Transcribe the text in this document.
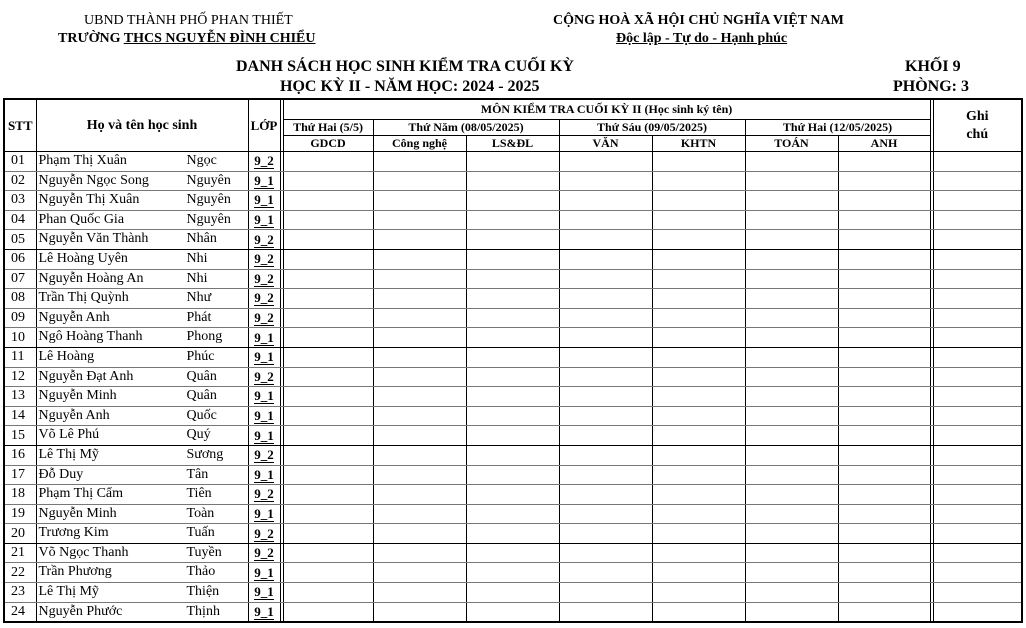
UBND THÀNH PHỐ PHAN THIẾT
TRƯỜNG THCS NGUYỄN ĐÌNH CHIỂU
CỘNG HOÀ XÃ HỘI CHỦ NGHĨA VIỆT NAM
Độc lập - Tự do - Hạnh phúc
DANH SÁCH HỌC SINH KIỂM TRA CUỐI KỲ
HỌC KỲ II - NĂM HỌC: 2024 - 2025
KHỐI 9
PHÒNG: 3
STT	Họ và tên học sinh	LỚP		MÔN KIỂM TRA CUỐI KỲ II (Học sinh ký tên)								Ghi chú
				Thứ Hai (5/5)	Thứ Năm (08/05/2025)		Thứ Sáu (09/05/2025)		Thứ Hai (12/05/2025)			
				GDCD	Công nghệ	LS&ĐL	VĂN	KHTN	TOÁN	ANH		
01	Phạm Thị Xuân Ngọc	9_2										
02	Nguyễn Ngọc Song Nguyên	9_1										
03	Nguyễn Thị Xuân Nguyên	9_1										
04	Phan Quốc Gia Nguyên	9_1										
05	Nguyễn Văn Thành Nhân	9_2										
06	Lê Hoàng Uyên Nhi	9_2										
07	Nguyễn Hoàng An Nhi	9_2										
08	Trần Thị Quỳnh Như	9_2										
09	Nguyễn Anh Phát	9_2										
10	Ngô Hoàng Thanh Phong	9_1										
11	Lê Hoàng Phúc	9_1										
12	Nguyễn Đạt Anh Quân	9_2										
13	Nguyễn Minh Quân	9_1										
14	Nguyễn Anh Quốc	9_1										
15	Võ Lê Phú Quý	9_1										
16	Lê Thị Mỹ Sương	9_2										
17	Đỗ Duy Tân	9_1										
18	Phạm Thị Cẩm Tiên	9_2										
19	Nguyễn Minh Toàn	9_1										
20	Trương Kim Tuấn	9_2										
21	Võ Ngọc Thanh Tuyền	9_2										
22	Trần Phương Thảo	9_1										
23	Lê Thị Mỹ Thiện	9_1										
24	Nguyễn Phước Thịnh	9_1										
